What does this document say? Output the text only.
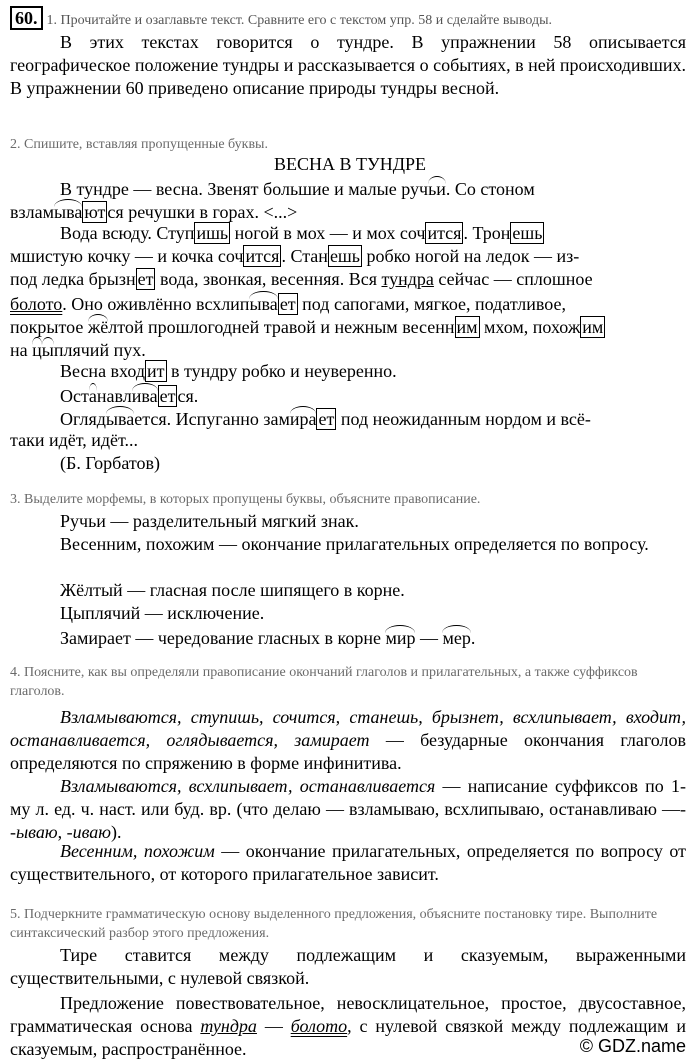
60. 1. Прочитайте и озаглавьте текст. Сравните его с текстом упр. 58 и сделайте выводы.
В этих текстах говорится о тундре. В упражнении 58 описывается географическое положение тундры и рассказывается о событиях, в ней происходивших. В упражнении 60 приведено описание природы тундры весной.
2. Спишите, вставляя пропущенные буквы.
ВЕСНА В ТУНДРЕ
В тундре — весна. Звенят большие и малые ручьи. Со стоном
взламыва ют ся речушки в горах. <...>
Вода всюду. Ступ ишь ногой в мох — и мох соч ится . Трон ешь
мшистую кочку — и кочка соч ится . Стан ешь робко ногой на ледок — из-
под ледка брызн ет вода, звонкая, весенняя. Вся тундра сейчас — сплошное
болото. Оно оживлённо всхлипыва ет под сапогами, мягкое, податливое,
покрытое жёлтой прошлогодней травой и нежным весенн им мхом, похож им
на цыплячий пух.
Весна вход ит в тундру робко и неуверенно.
Останавлива ет ся.
Оглядывается. Испуганно замира ет под неожиданным нордом и всё-
таки идёт, идёт...
(Б. Горбатов)
3. Выделите морфемы, в которых пропущены буквы, объясните правописание.
Ручьи — разделительный мягкий знак.
Весенним, похожим — окончание прилагательных определяется по вопросу.
Жёлтый — гласная после шипящего в корне.
Цыплячий — исключение.
Замирает — чередование гласных в корне мир — мер.
4. Поясните, как вы определяли правописание окончаний глаголов и прилагательных, а также суффиксов глаголов.
Взламываются, ступишь, сочится, станешь, брызнет, всхлипывает, входит, останавливается, оглядывается, замирает — безударные окончания глаголов определяются по спряжению в форме инфинитива.
Взламываются, всхлипывает, останавливается — написание суффиксов по 1-му л. ед. ч. наст. или буд. вр. (что делаю — взламываю, всхлипываю, останавливаю —- -ываю, -иваю).
Весенним, похожим — окончание прилагательных, определяется по вопросу от существительного, от которого прилагательное зависит.
5. Подчеркните грамматическую основу выделенного предложения, объясните постановку тире. Выполните синтаксический разбор этого предложения.
Тире ставится между подлежащим и сказуемым, выраженными существительными, с нулевой связкой.
Предложение повествовательное, невосклицательное, простое, двусоставное, грамматическая основа тундра — болото, с нулевой связкой между подлежащим и сказуемым, распространённое.	© GDZ.name
